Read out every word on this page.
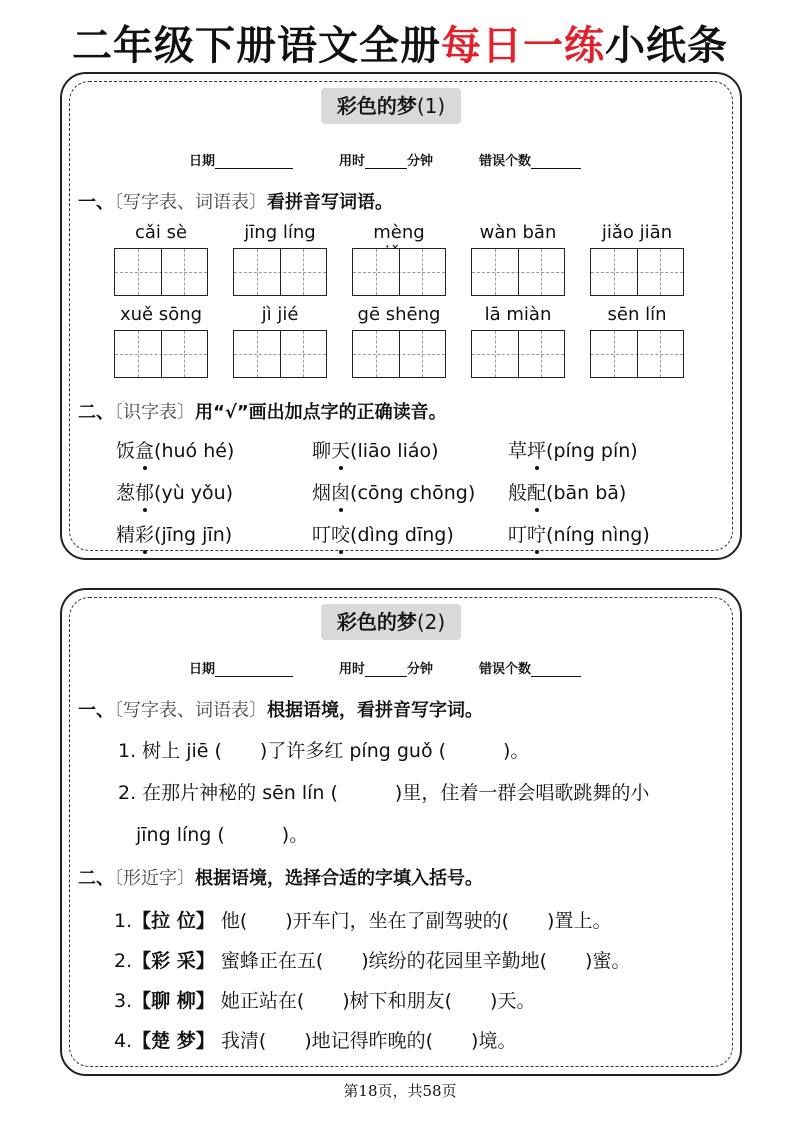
二年级下册语文全册每日一练小纸条
彩色的梦(1)
日期	用时	分钟	错误个数
一、〔写字表、词语表〕看拼音写词语。
cǎi sè	jīng líng	mèng	wàn bān	jiǎo jiān
xuě sōng	jì jié	gē shēng	lā miàn	sēn lín
二、〔识字表〕用“√”画出加点字的正确读音。
饭盒(huó hé)	聊天(liāo liáo)	草坪(píng pín)
葱郁(yù yǒu)	烟囱(cōng chōng) 般配(bān bā)
精彩(jīng jīn)	叮咬(dìng dīng)	叮咛(níng nìng)
彩色的梦(2)
日期	用时	分钟	错误个数
一、〔写字表、词语表〕根据语境，看拼音写字词。
1. 树上 jiē (　　)了许多红 píng guǒ (　　　)。
2. 在那片神秘的 sēn lín (　　　)里，住着一群会唱歌跳舞的小
jīng líng (　　　)。
二、〔形近字〕根据语境，选择合适的字填入括号。
1.【拉 位】 他(　　)开车门，坐在了副驾驶的(　　)置上。
2.【彩 采】 蜜蜂正在五(　　)缤纷的花园里辛勤地(　　)蜜。
3.【聊 柳】 她正站在(　　)树下和朋友(　　)天。
4.【楚 梦】 我清(　　)地记得昨晚的(　　)境。
第18页，共58页
